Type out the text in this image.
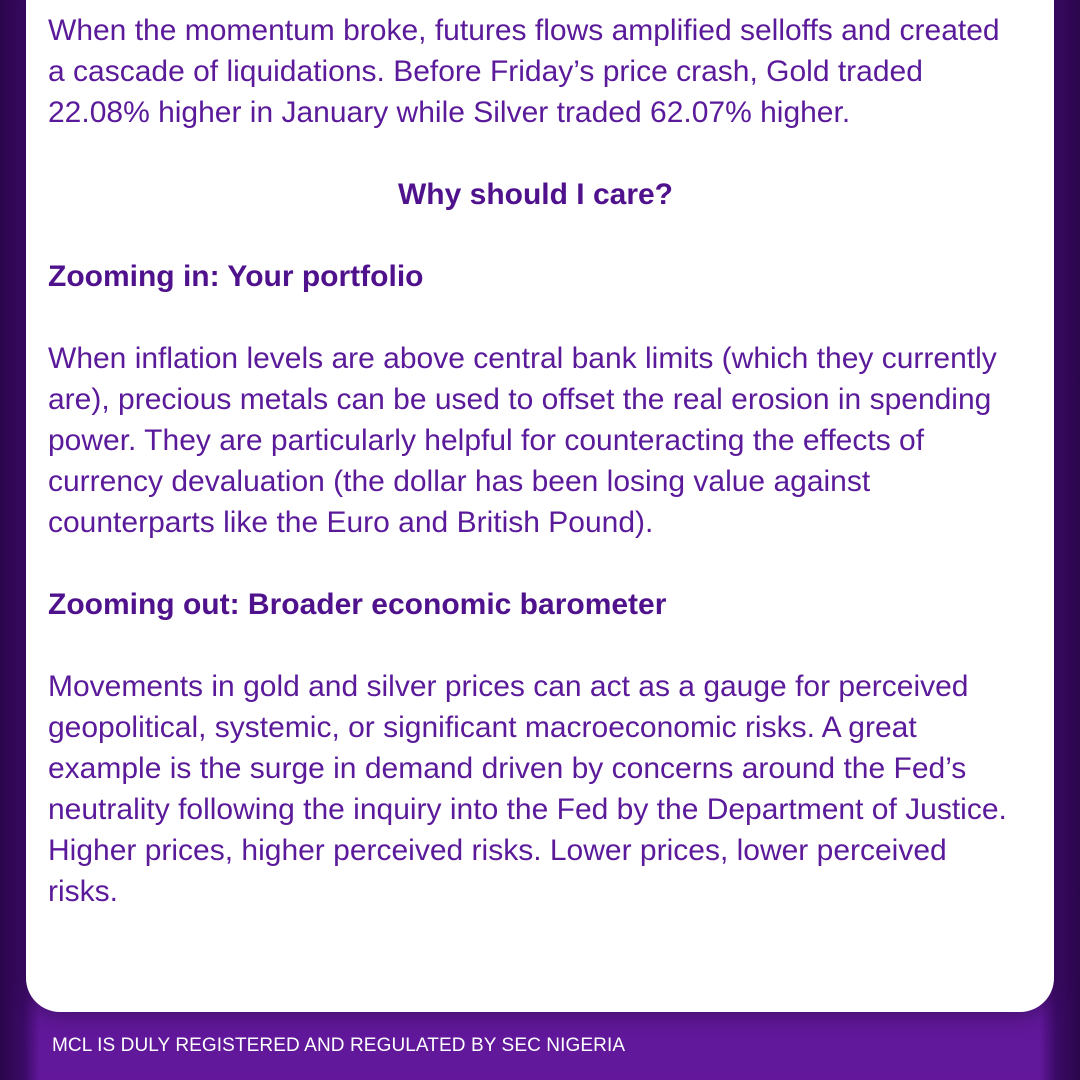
When the momentum broke, futures flows amplified selloffs and created a cascade of liquidations. Before Friday’s price crash, Gold traded 22.08% higher in January while Silver traded 62.07% higher.

Why should I care?

Zooming in: Your portfolio

When inflation levels are above central bank limits (which they currently are), precious metals can be used to offset the real erosion in spending power. They are particularly helpful for counteracting the effects of currency devaluation (the dollar has been losing value against counterparts like the Euro and British Pound).

Zooming out: Broader economic barometer

Movements in gold and silver prices can act as a gauge for perceived geopolitical, systemic, or significant macroeconomic risks. A great example is the surge in demand driven by concerns around the Fed’s neutrality following the inquiry into the Fed by the Department of Justice. Higher prices, higher perceived risks. Lower prices, lower perceived risks.

MCL IS DULY REGISTERED AND REGULATED BY SEC NIGERIA
